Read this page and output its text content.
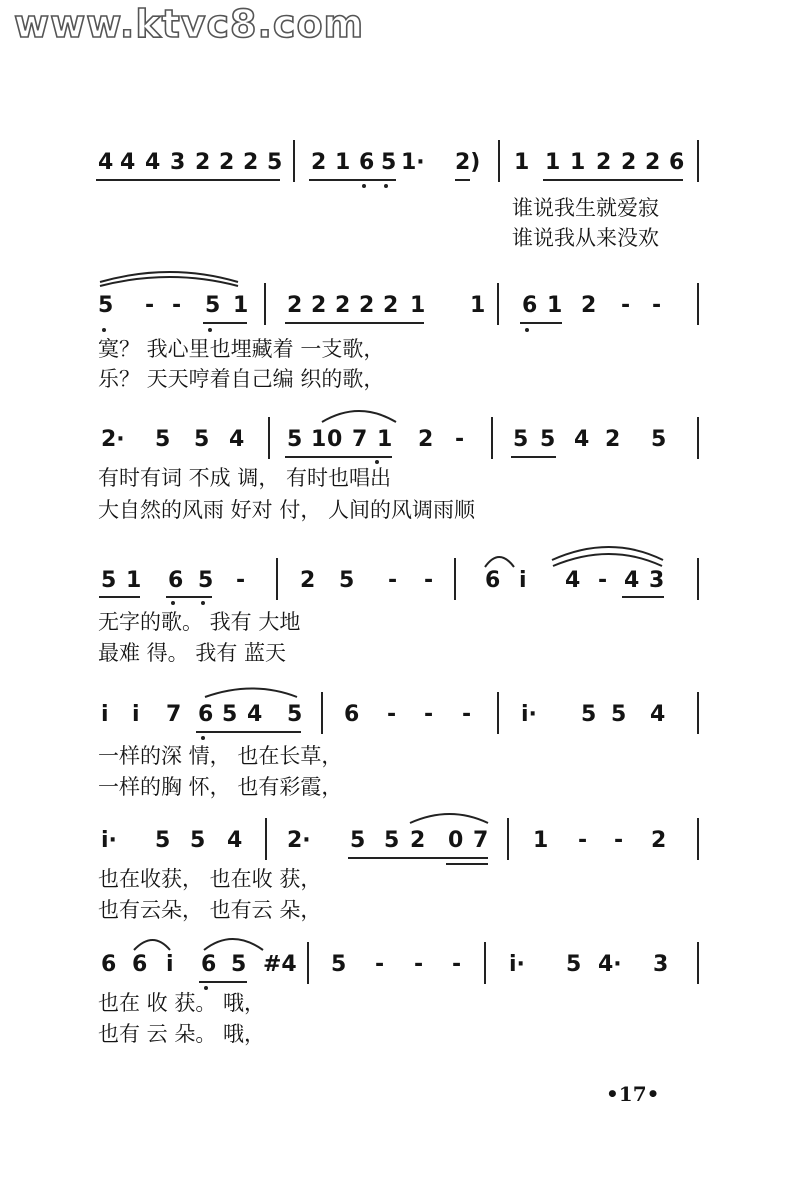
www.ktvc8.com
4 4 4 3 2 2 2 5 2 1 6 5 1· 2) 1 1 1 2 2 2 6
谁说我生就爱寂
谁说我从来没欢
5 - - 5 1 2 2 2 2 2 1 1 6 1 2 - -
寞？ 我心里也埋藏着 一支歌，
乐？ 天天哼着自己编 织的歌，
2· 5 5 4 5 1 0 7 1 2 - 5 5 4 2 5
有时有词 不成 调， 有时也唱出
大自然的风雨 好对 付， 人间的风调雨顺
5 1 6 5 - 2 5 - - 6 i 4 - 4 3
无字的歌。 我有 大地
最难 得。 我有 蓝天
i i 7 6 5 4 5 6 - - - i· 5 5 4
一样的深 情， 也在长草，
一样的胸 怀， 也有彩霞，
i· 5 5 4 2· 5 5 2 0 7 1 - - 2
也在收获， 也在收 获，
也有云朵， 也有云 朵，
6 6 i 6 5 #4 5 - - - i· 5 4· 3
也在 收 获。 哦，
也有 云 朵。 哦，
•17•
